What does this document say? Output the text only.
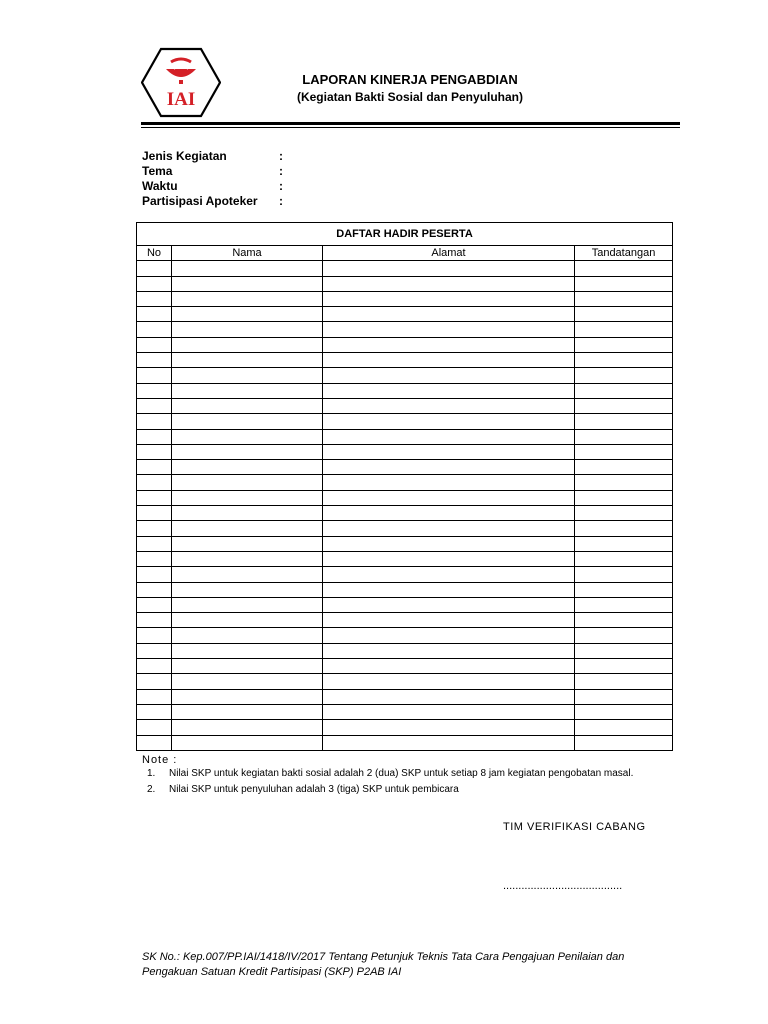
IAI
LAPORAN KINERJA PENGABDIAN
(Kegiatan Bakti Sosial dan Penyuluhan)
Jenis Kegiatan	:
Tema	:
Waktu	:
Partisipasi Apoteker :
DAFTAR HADIR PESERTA			
No	Nama	Alamat	Tandatangan

Note :
1. Nilai SKP untuk kegiatan bakti sosial adalah 2 (dua) SKP untuk setiap 8 jam kegiatan pengobatan masal.
2. Nilai SKP untuk penyuluhan adalah 3 (tiga) SKP untuk pembicara
TIM VERIFIKASI CABANG
.......................................
SK No.: Kep.007/PP.IAI/1418/IV/2017 Tentang Petunjuk Teknis Tata Cara Pengajuan Penilaian dan Pengakuan Satuan Kredit Partisipasi (SKP) P2AB IAI
